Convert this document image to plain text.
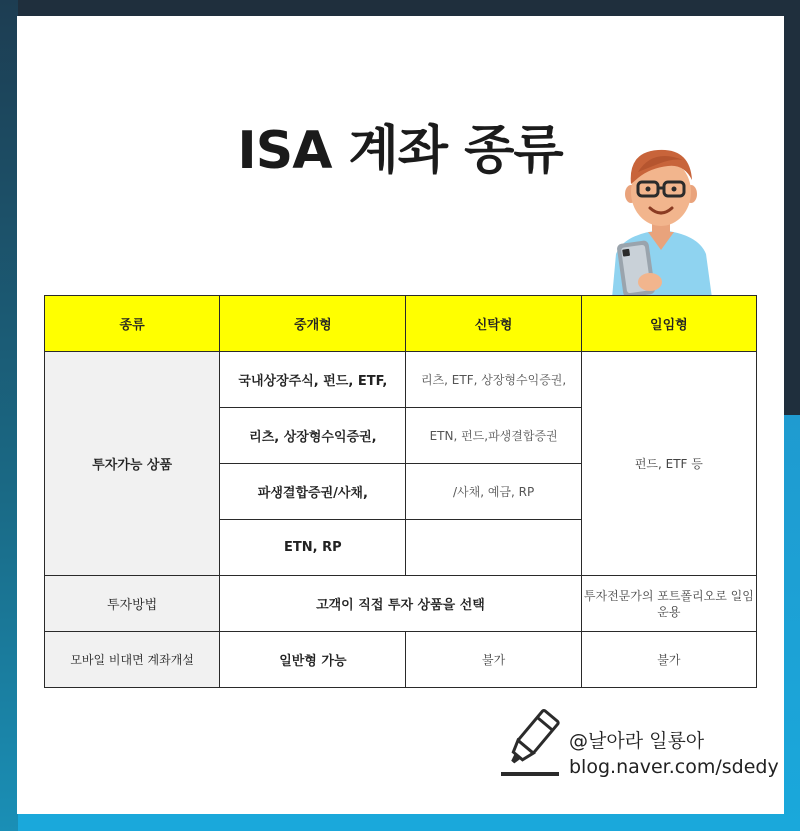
ISA 계좌 종류
종류	중개형	신탁형	일임형
투자가능 상품	국내상장주식, 펀드, ETF,	리츠, ETF, 상장형수익증권,	펀드, ETF 등
	리츠, 상장형수익증권,	ETN, 펀드,파생결합증권	
	파생결합증권/사채,	/사채, 예금, RP	
	ETN, RP		
투자방법	고객이 직접 투자 상품을 선택		투자전문가의 포트폴리오로 일임운용
모바일 비대면 계좌개설	일반형 가능	불가	불가
@날아라 일룡아
blog.naver.com/sdedy
